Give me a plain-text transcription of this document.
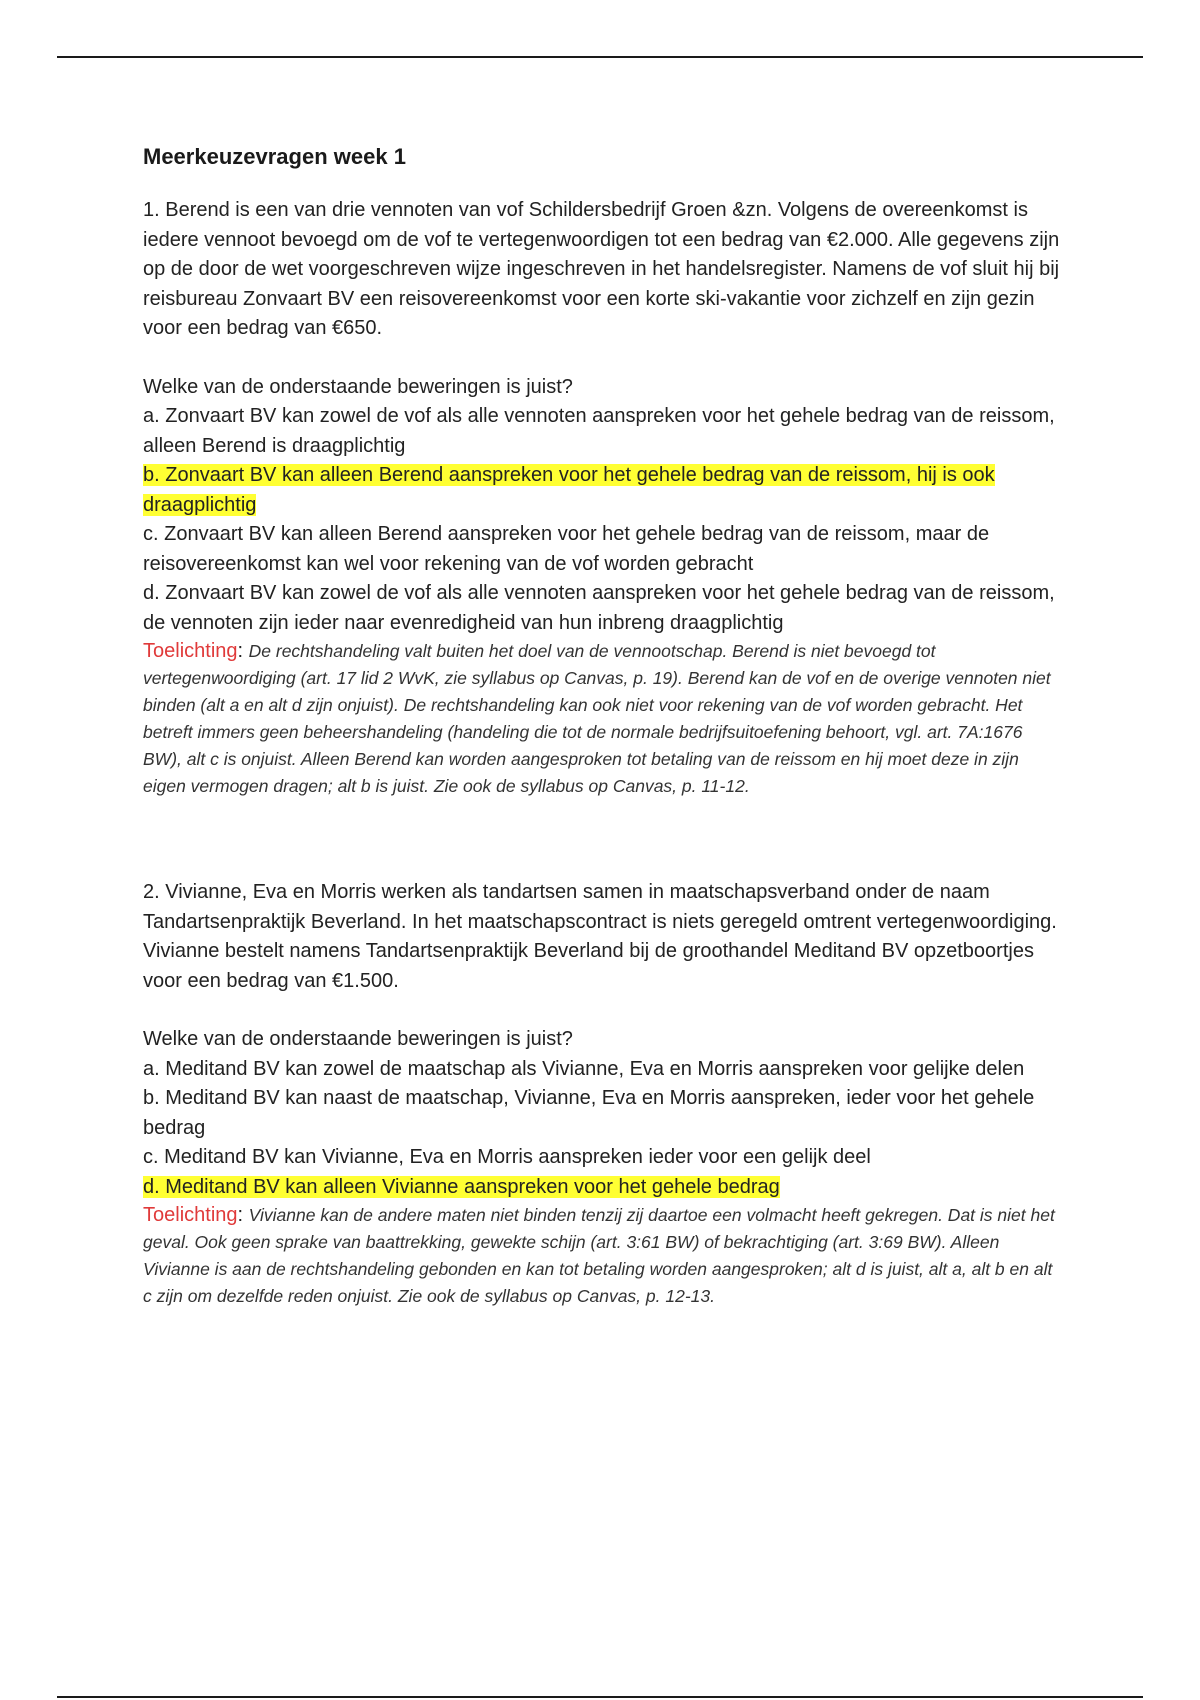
Meerkeuzevragen week 1

1. Berend is een van drie vennoten van vof Schildersbedrijf Groen &zn. Volgens de overeenkomst is iedere vennoot bevoegd om de vof te vertegenwoordigen tot een bedrag van €2.000. Alle gegevens zijn op de door de wet voorgeschreven wijze ingeschreven in het handelsregister. Namens de vof sluit hij bij reisbureau Zonvaart BV een reisovereenkomst voor een korte ski-vakantie voor zichzelf en zijn gezin voor een bedrag van €650.

Welke van de onderstaande beweringen is juist?

a. Zonvaart BV kan zowel de vof als alle vennoten aanspreken voor het gehele bedrag van de reissom, alleen Berend is draagplichtig

b. Zonvaart BV kan alleen Berend aanspreken voor het gehele bedrag van de reissom, hij is ook draagplichtig

c. Zonvaart BV kan alleen Berend aanspreken voor het gehele bedrag van de reissom, maar de reisovereenkomst kan wel voor rekening van de vof worden gebracht

d. Zonvaart BV kan zowel de vof als alle vennoten aanspreken voor het gehele bedrag van de reissom, de vennoten zijn ieder naar evenredigheid van hun inbreng draagplichtig

Toelichting: De rechtshandeling valt buiten het doel van de vennootschap. Berend is niet bevoegd tot vertegenwoordiging (art. 17 lid 2 WvK, zie syllabus op Canvas, p. 19). Berend kan de vof en de overige vennoten niet binden (alt a en alt d zijn onjuist). De rechtshandeling kan ook niet voor rekening van de vof worden gebracht. Het betreft immers geen beheershandeling (handeling die tot de normale bedrijfsuitoefening behoort, vgl. art. 7A:1676 BW), alt c is onjuist. Alleen Berend kan worden aangesproken tot betaling van de reissom en hij moet deze in zijn eigen vermogen dragen; alt b is juist. Zie ook de syllabus op Canvas, p. 11-12.

2. Vivianne, Eva en Morris werken als tandartsen samen in maatschapsverband onder de naam Tandartsenpraktijk Beverland. In het maatschapscontract is niets geregeld omtrent vertegenwoordiging. Vivianne bestelt namens Tandartsenpraktijk Beverland bij de groothandel Meditand BV opzetboortjes voor een bedrag van €1.500.

Welke van de onderstaande beweringen is juist?

a. Meditand BV kan zowel de maatschap als Vivianne, Eva en Morris aanspreken voor gelijke delen

b. Meditand BV kan naast de maatschap, Vivianne, Eva en Morris aanspreken, ieder voor het gehele bedrag

c. Meditand BV kan Vivianne, Eva en Morris aanspreken ieder voor een gelijk deel

d. Meditand BV kan alleen Vivianne aanspreken voor het gehele bedrag

Toelichting: Vivianne kan de andere maten niet binden tenzij zij daartoe een volmacht heeft gekregen. Dat is niet het geval. Ook geen sprake van baattrekking, gewekte schijn (art. 3:61 BW) of bekrachtiging (art. 3:69 BW). Alleen Vivianne is aan de rechtshandeling gebonden en kan tot betaling worden aangesproken; alt d is juist, alt a, alt b en alt c zijn om dezelfde reden onjuist. Zie ook de syllabus op Canvas, p. 12-13.
